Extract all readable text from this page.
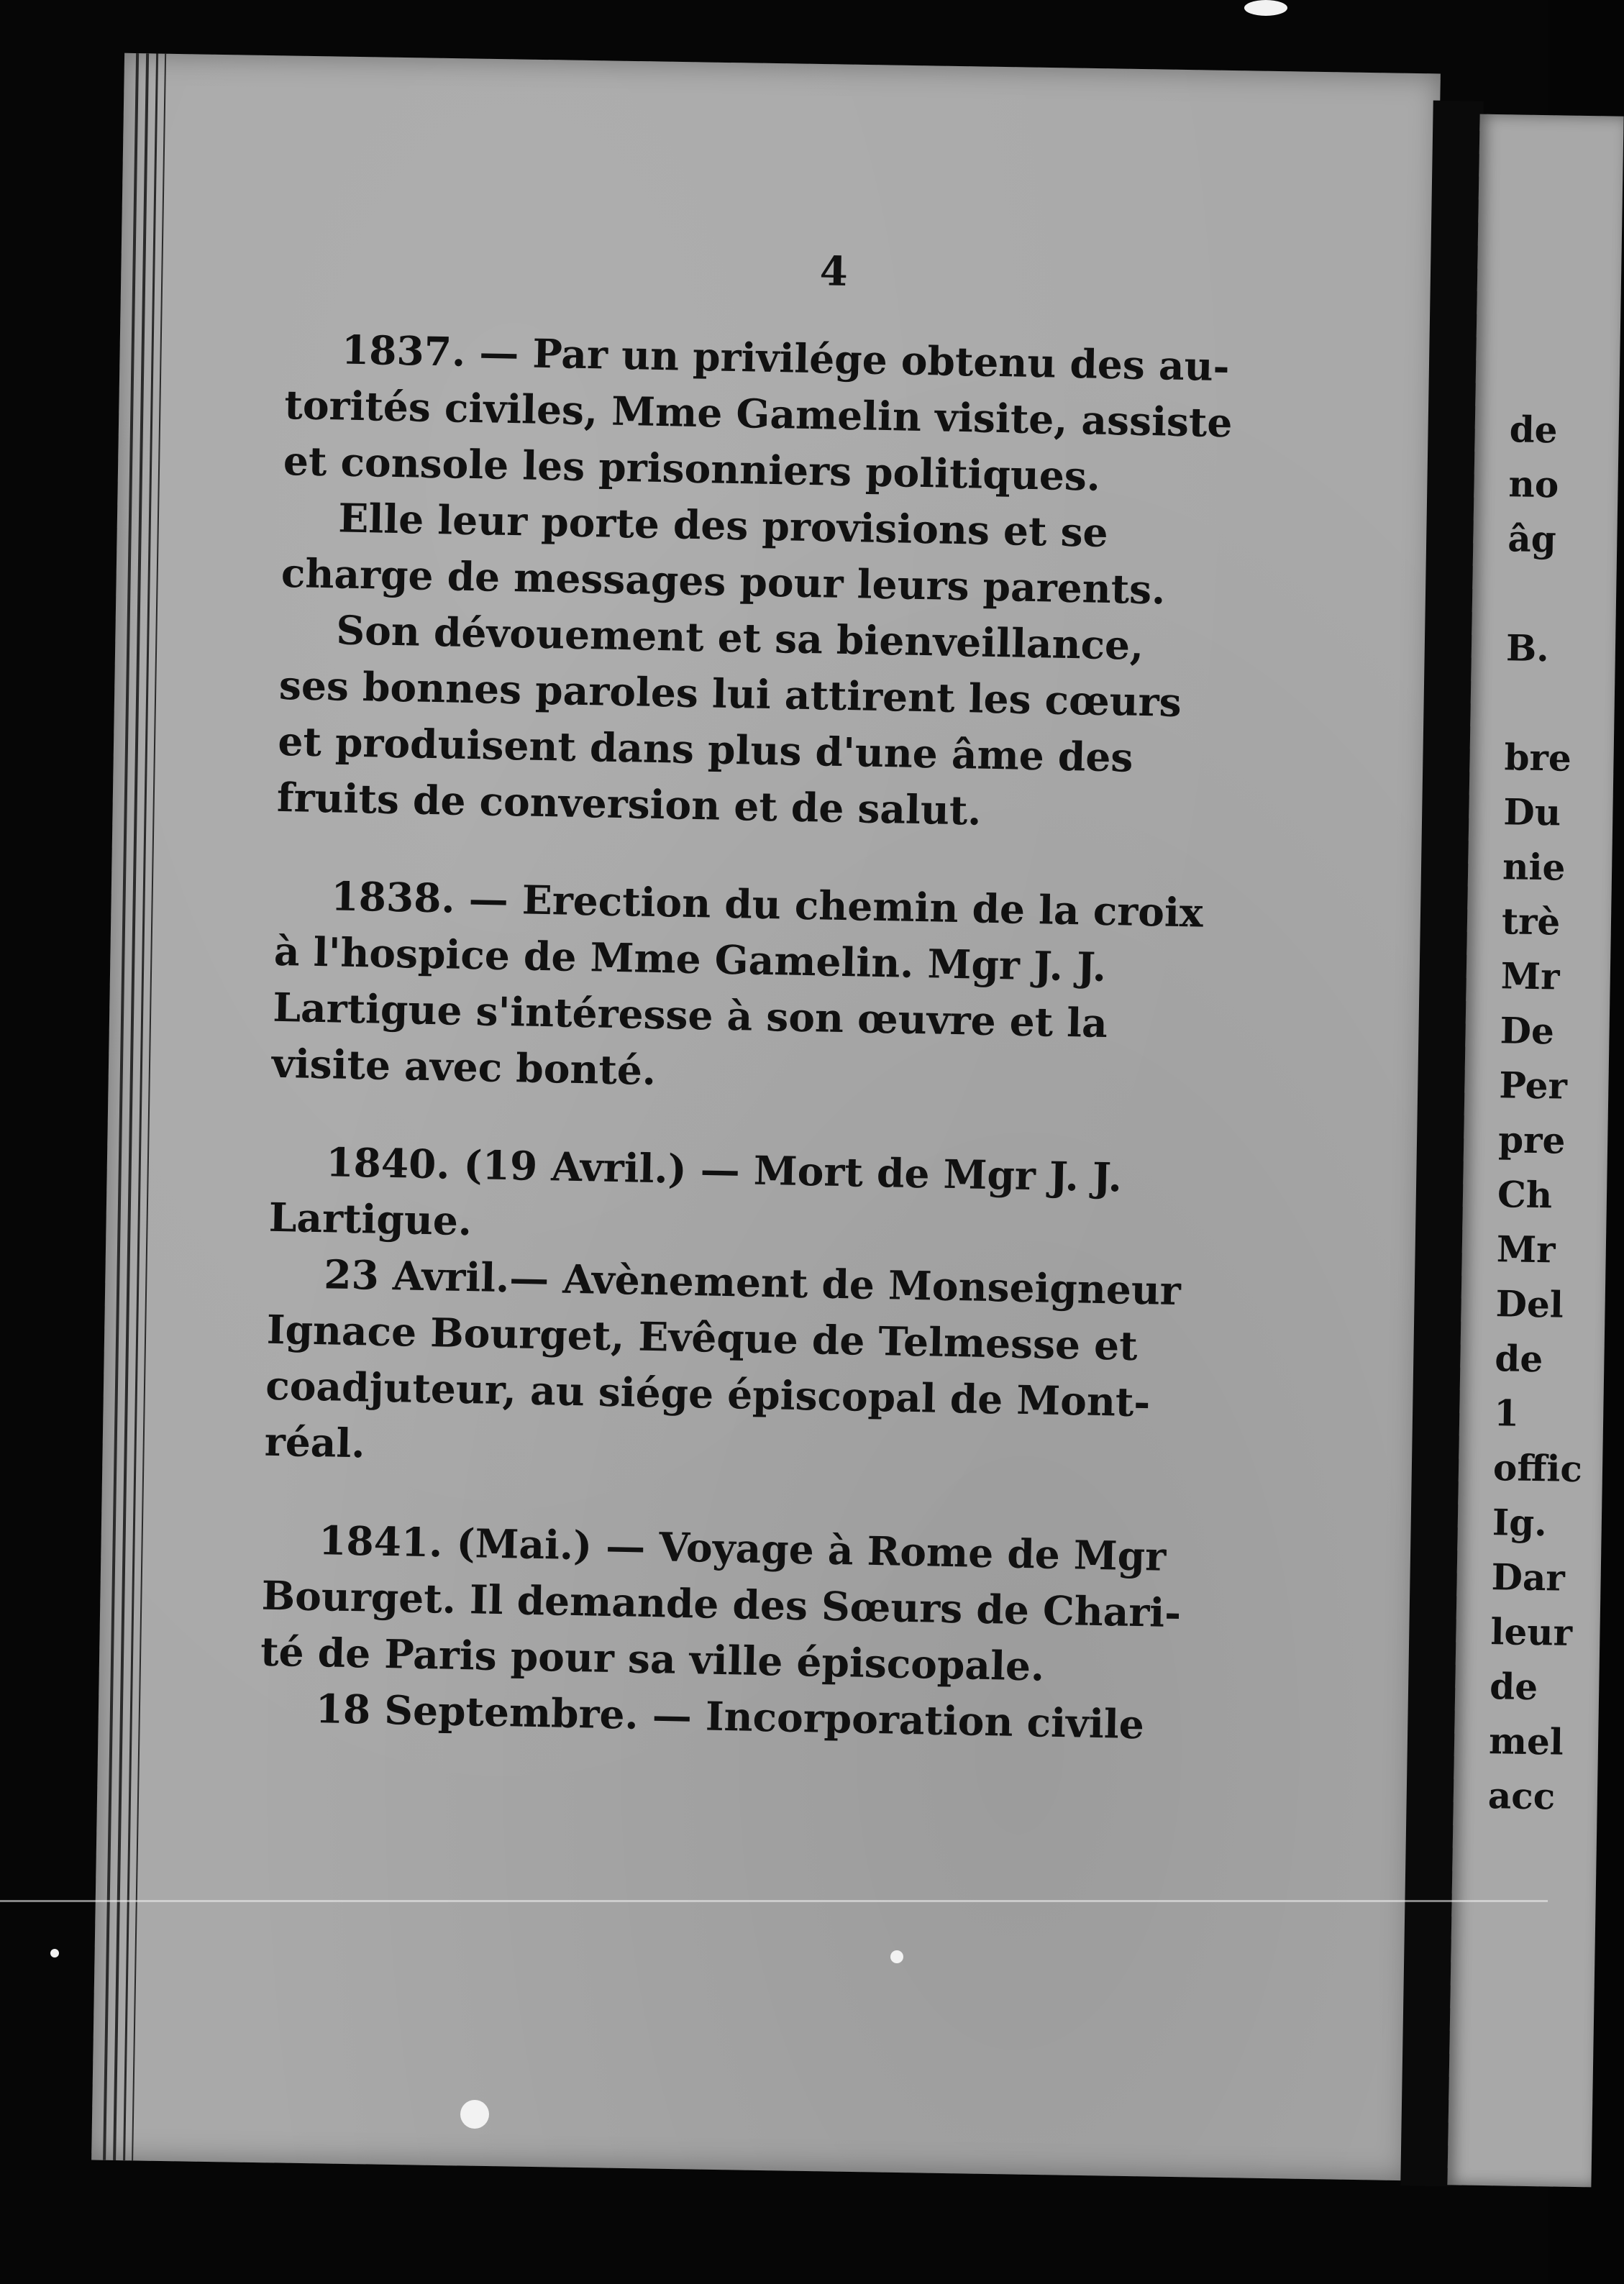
de
no
âg
B.
bre
Du
nie
trè
Mr
De
Per
pre
Ch
Mr
Del
de
1
offic
Ig.
Dar
leur
de
mel
acc
4

1837. — Par un privilége obtenu des au-
torités civiles, Mme Gamelin visite, assiste
et console les prisonniers politiques.

Elle leur porte des provisions et se
charge de messages pour leurs parents.

Son dévouement et sa bienveillance,
ses bonnes paroles lui attirent les cœurs
et produisent dans plus d'une âme des
fruits de conversion et de salut.

1838. — Erection du chemin de la croix
à l'hospice de Mme Gamelin. Mgr J. J.
Lartigue s'intéresse à son œuvre et la
visite avec bonté.

1840. (19 Avril.) — Mort de Mgr J. J.
Lartigue.

23 Avril.— Avènement de Monseigneur
Ignace Bourget, Evêque de Telmesse et
coadjuteur, au siége épiscopal de Mont-
réal.

1841. (Mai.) — Voyage à Rome de Mgr
Bourget. Il demande des Sœurs de Chari-
té de Paris pour sa ville épiscopale.

18 Septembre. — Incorporation civile
